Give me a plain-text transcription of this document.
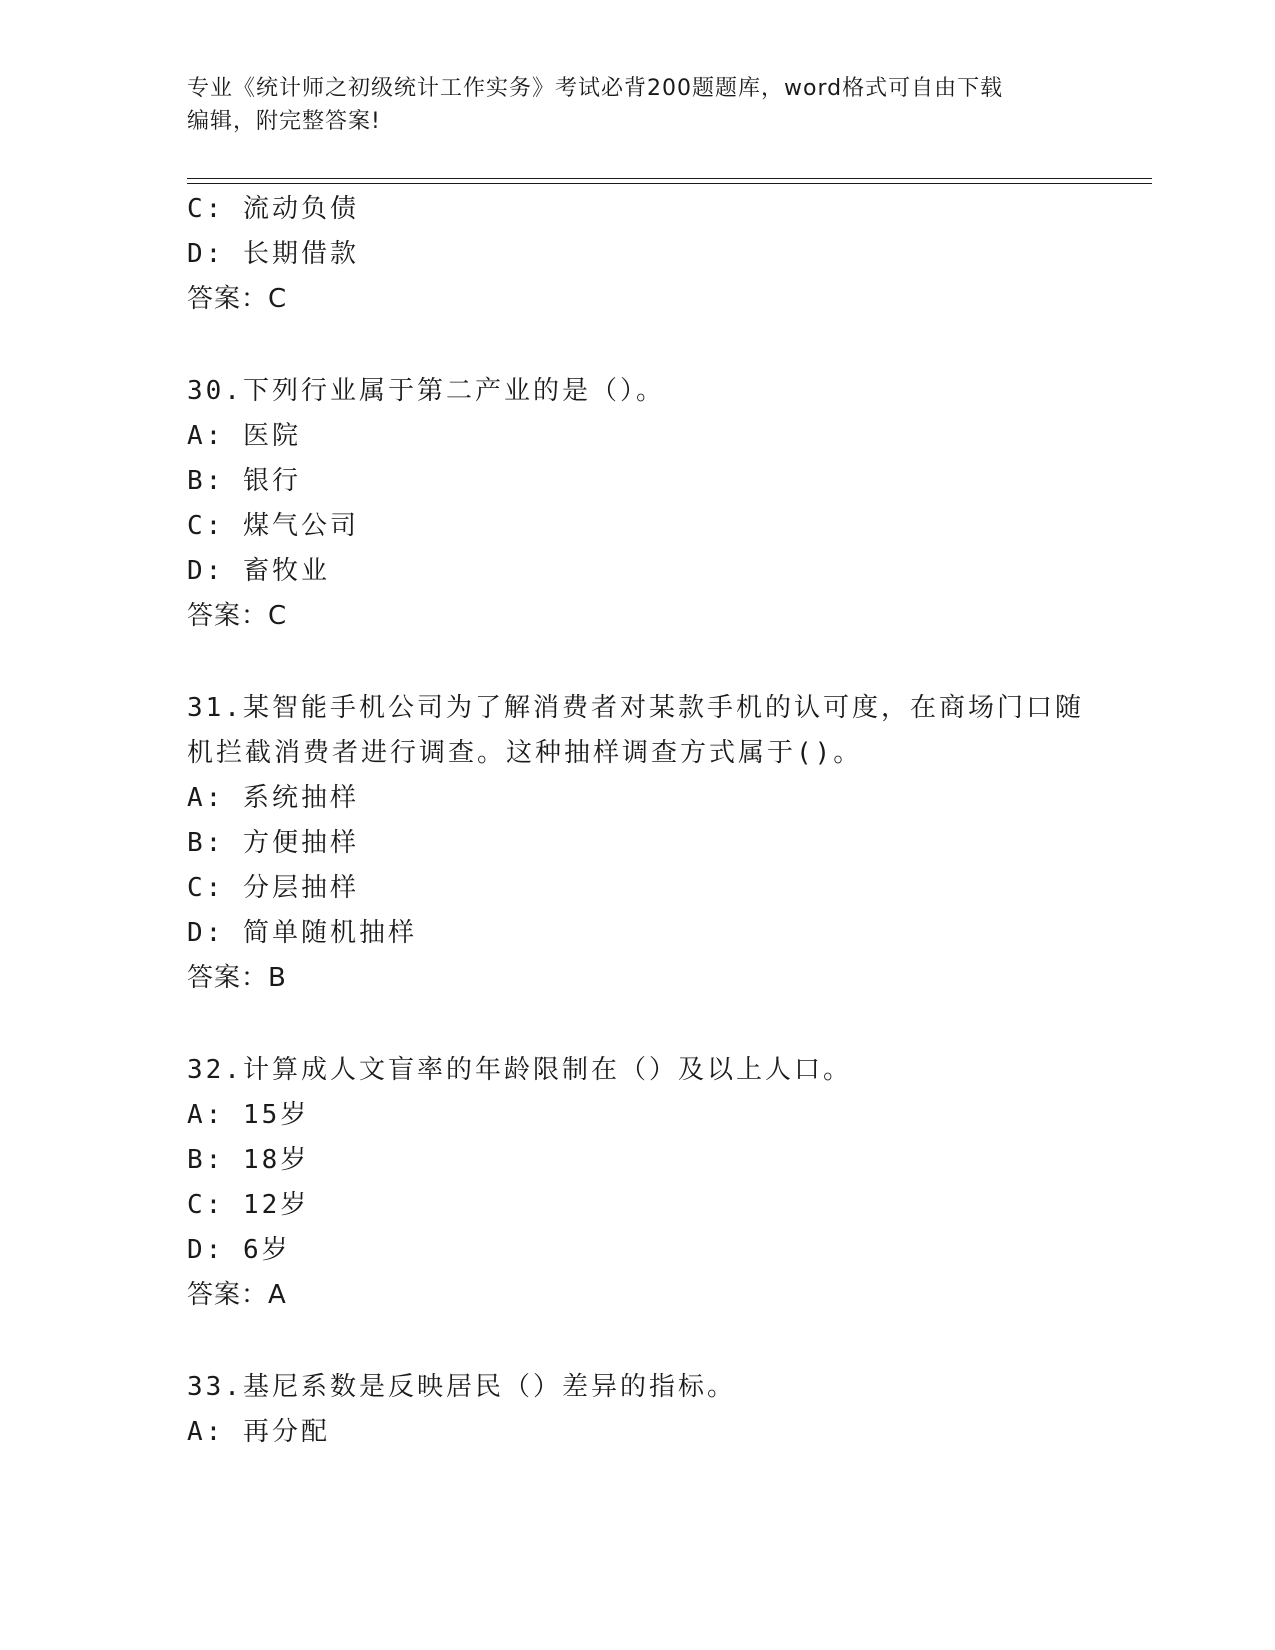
专业《统计师之初级统计工作实务》考试必背200题题库，word格式可自由下载
编辑，附完整答案!
C: 流动负债
D: 长期借款
答案：C
30.下列行业属于第二产业的是（）。
A: 医院
B: 银行
C: 煤气公司
D: 畜牧业
答案：C
31.某智能手机公司为了解消费者对某款手机的认可度，在商场门口随
机拦截消费者进行调查。这种抽样调查方式属于()。
A: 系统抽样
B: 方便抽样
C: 分层抽样
D: 简单随机抽样
答案：B
32.计算成人文盲率的年龄限制在（）及以上人口。
A: 15岁
B: 18岁
C: 12岁
D: 6岁
答案：A
33.基尼系数是反映居民（）差异的指标。
A: 再分配
